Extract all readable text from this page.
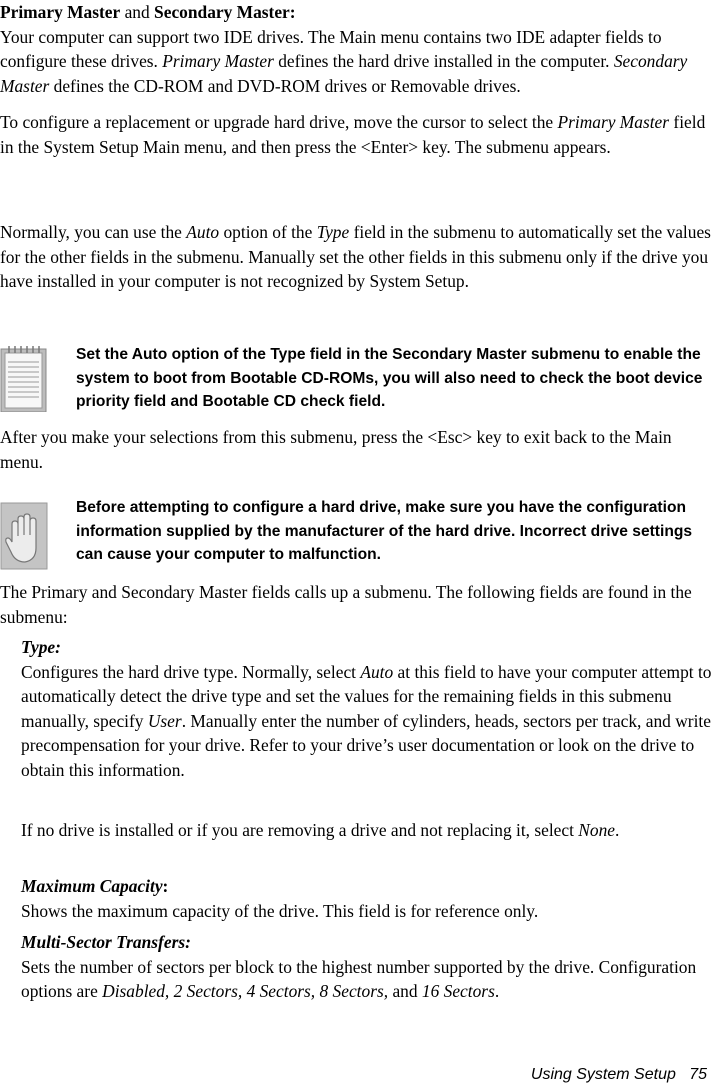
Primary Master and Secondary Master:

Your computer can support two IDE drives. The Main menu contains two IDE adapter fields to configure these drives. Primary Master defines the hard drive installed in the computer. Secondary Master defines the CD-ROM and DVD-ROM drives or Removable drives.

To configure a replacement or upgrade hard drive, move the cursor to select the Primary Master field in the System Setup Main menu, and then press the <Enter> key. The submenu appears.

Normally, you can use the Auto option of the Type field in the submenu to automatically set the values for the other fields in the submenu. Manually set the other fields in this submenu only if the drive you have installed in your computer is not recognized by System Setup.

Set the Auto option of the Type field in the Secondary Master submenu to enable the system to boot from Bootable CD-ROMs, you will also need to check the boot device priority field and Bootable CD check field.

After you make your selections from this submenu, press the <Esc> key to exit back to the Main menu.

Before attempting to configure a hard drive, make sure you have the configuration information supplied by the manufacturer of the hard drive. Incorrect drive settings can cause your computer to malfunction.

The Primary and Secondary Master fields calls up a submenu. The following fields are found in the submenu:

Type:

Configures the hard drive type. Normally, select Auto at this field to have your computer attempt to automatically detect the drive type and set the values for the remaining fields in this submenu manually, specify User. Manually enter the number of cylinders, heads, sectors per track, and write precompensation for your drive. Refer to your drive’s user documentation or look on the drive to obtain this information.

If no drive is installed or if you are removing a drive and not replacing it, select None.

Maximum Capacity:

Shows the maximum capacity of the drive. This field is for reference only.

Multi-Sector Transfers:

Sets the number of sectors per block to the highest number supported by the drive. Configuration options are Disabled, 2 Sectors, 4 Sectors, 8 Sectors, and 16 Sectors.

Using System Setup 75
